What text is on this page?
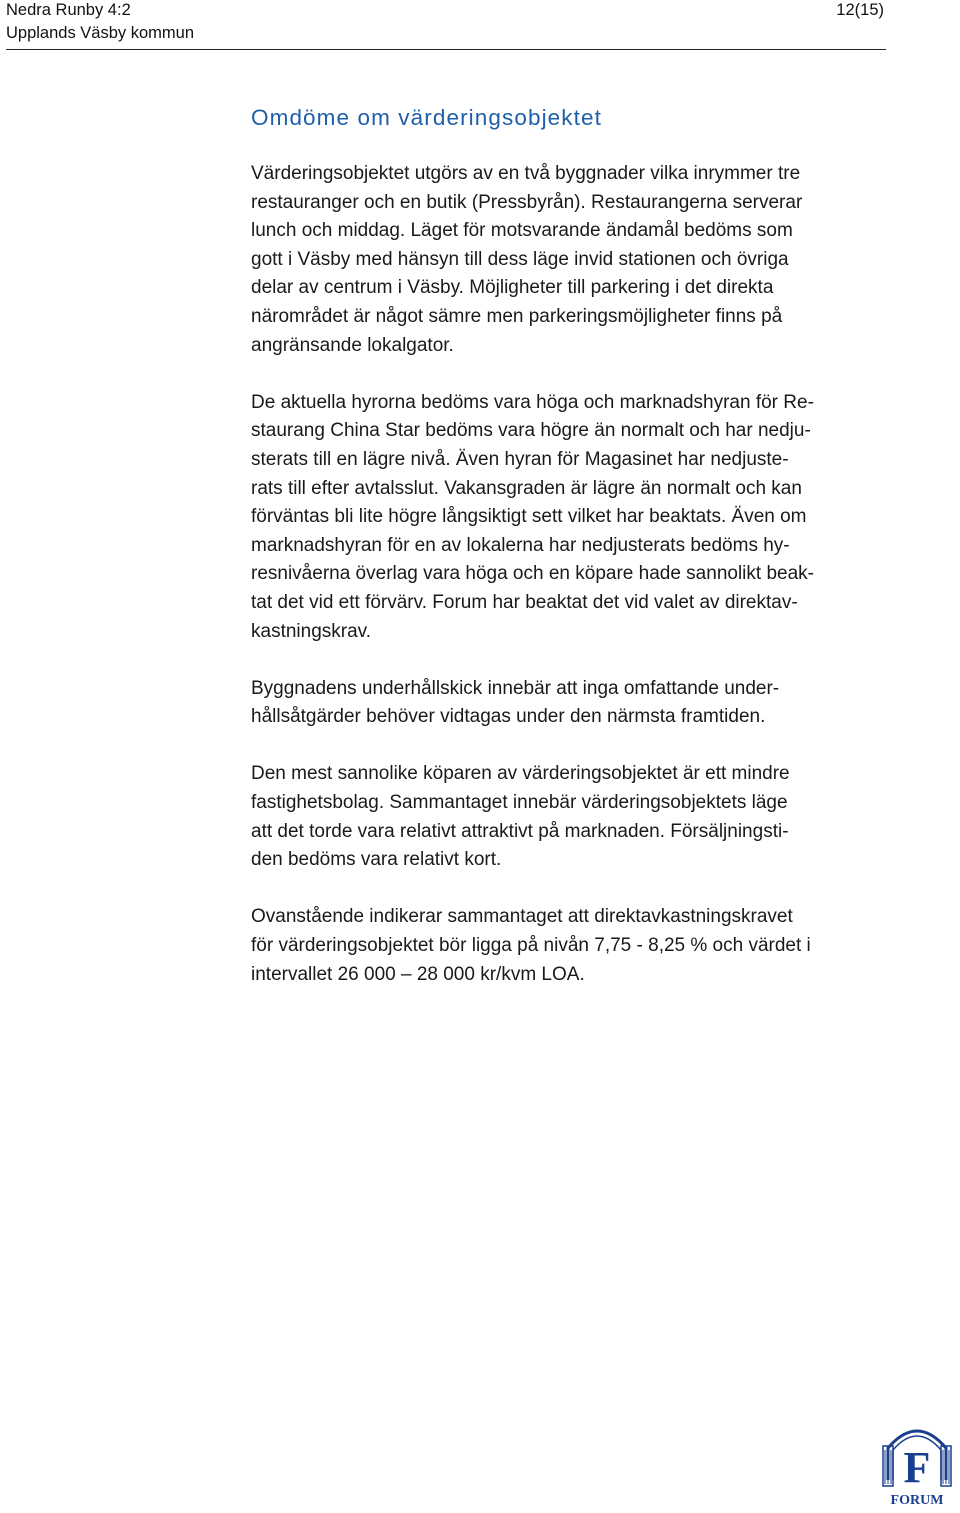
Nedra Runby 4:2
Upplands Väsby kommun
12(15)
Omdöme om värderingsobjektet

Värderingsobjektet utgörs av en två byggnader vilka inrymmer tre
restauranger och en butik (Pressbyrån). Restaurangerna serverar
lunch och middag. Läget för motsvarande ändamål bedöms som
gott i Väsby med hänsyn till dess läge invid stationen och övriga
delar av centrum i Väsby. Möjligheter till parkering i det direkta
närområdet är något sämre men parkeringsmöjligheter finns på
angränsande lokalgator.

De aktuella hyrorna bedöms vara höga och marknadshyran för Re-
staurang China Star bedöms vara högre än normalt och har nedju-
sterats till en lägre nivå. Även hyran för Magasinet har nedjuste-
rats till efter avtalsslut. Vakansgraden är lägre än normalt och kan
förväntas bli lite högre långsiktigt sett vilket har beaktats. Även om
marknadshyran för en av lokalerna har nedjusterats bedöms hy-
resnivåerna överlag vara höga och en köpare hade sannolikt beak-
tat det vid ett förvärv. Forum har beaktat det vid valet av direktav-
kastningskrav.

Byggnadens underhållskick innebär att inga omfattande under-
hållsåtgärder behöver vidtagas under den närmsta framtiden.

Den mest sannolike köparen av värderingsobjektet är ett mindre
fastighetsbolag. Sammantaget innebär värderingsobjektets läge
att det torde vara relativt attraktivt på marknaden. Försäljningsti-
den bedöms vara relativt kort.

Ovanstående indikerar sammantaget att direktavkastningskravet
för värderingsobjektet bör ligga på nivån 7,75 - 8,25 % och värdet i
intervallet 26 000 – 28 000 kr/kvm LOA.

F
FORUM
